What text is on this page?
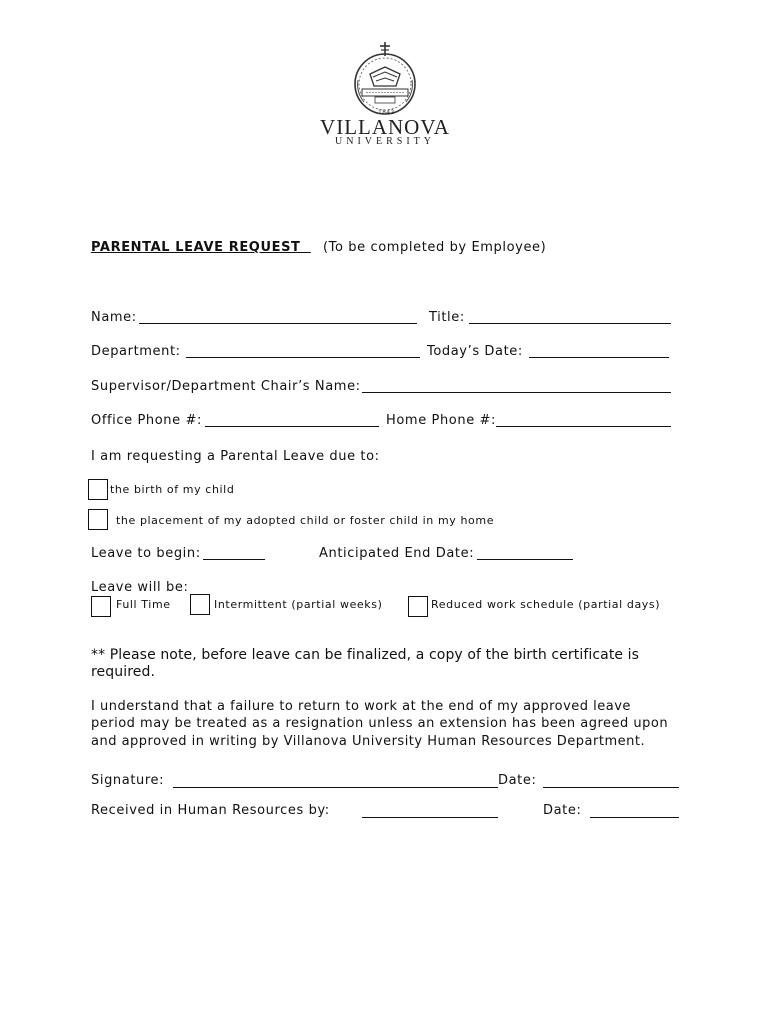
1842
VILLANOVA
UNIVERSITY
PARENTAL LEAVE REQUEST	(To be completed by Employee)
Name:	Title:
Department:	Today’s Date:
Supervisor/Department Chair’s Name:
Office Phone #:	Home Phone #:
I am requesting a Parental Leave due to:
the birth of my child
the placement of my adopted child or foster child in my home
Leave to begin:	Anticipated End Date:
Leave will be:
Full Time	Intermittent (partial weeks)	Reduced work schedule (partial days)
** Please note, before leave can be finalized, a copy of the birth certificate is
required.
I understand that a failure to return to work at the end of my approved leave
period may be treated as a resignation unless an extension has been agreed upon
and approved in writing by Villanova University Human Resources Department.
Signature:	Date:
Received in Human Resources by:	Date:
